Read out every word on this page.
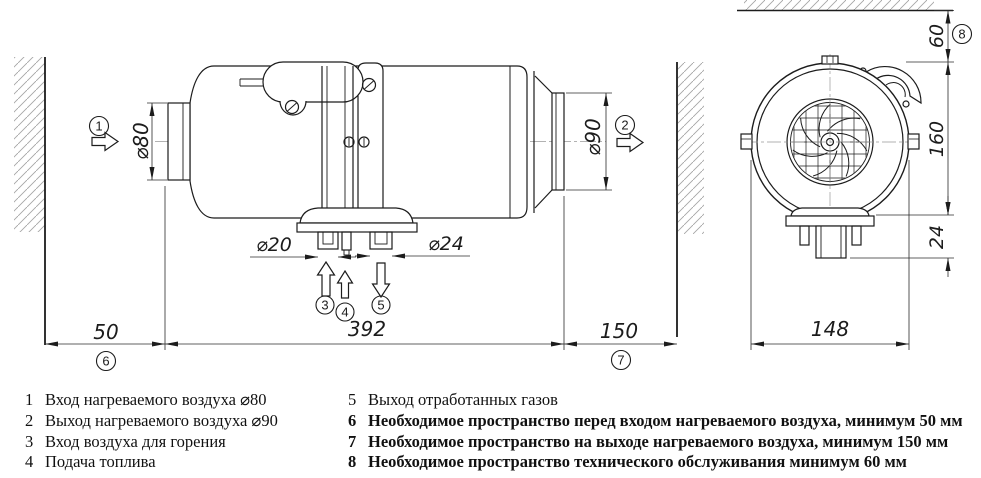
⌀80	⌀90
⌀20	⌀24
50	392	150
1	2
3 4 5
6	7
8
60
160
24
148
1 Вход нагреваемого воздуха ⌀80
2 Выход нагреваемого воздуха ⌀90
3 Вход воздуха для горения
4 Подача топлива
5 Выход отработанных газов
6 Необходимое пространство перед входом нагреваемого воздуха, минимум 50 мм
7 Необходимое пространство на выходе нагреваемого воздуха, минимум 150 мм
8 Необходимое пространство технического обслуживания минимум 60 мм
